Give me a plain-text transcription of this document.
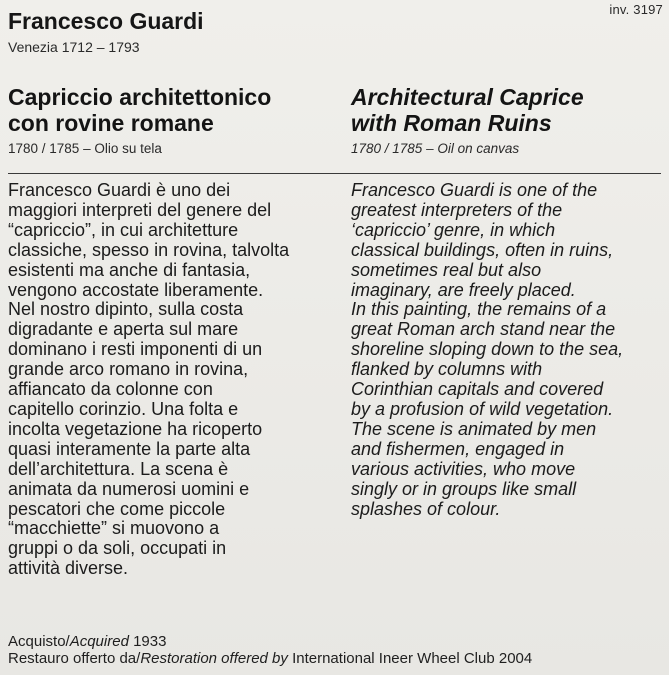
inv. 3197
Francesco Guardi
Venezia 1712 – 1793
Capriccio architettonico
con rovine romane
Architectural Caprice
with Roman Ruins
1780 / 1785 – Olio su tela	1780 / 1785 – Oil on canvas
Francesco Guardi è uno dei
maggiori interpreti del genere del
“capriccio”, in cui architetture
classiche, spesso in rovina, talvolta
esistenti ma anche di fantasia,
vengono accostate liberamente.
Nel nostro dipinto, sulla costa
digradante e aperta sul mare
dominano i resti imponenti di un
grande arco romano in rovina,
affiancato da colonne con
capitello corinzio. Una folta e
incolta vegetazione ha ricoperto
quasi interamente la parte alta
dell’architettura. La scena è
animata da numerosi uomini e
pescatori che come piccole
“macchiette” si muovono a
gruppi o da soli, occupati in
attività diverse.
Francesco Guardi is one of the
greatest interpreters of the
‘capriccio’ genre, in which
classical buildings, often in ruins,
sometimes real but also
imaginary, are freely placed.
In this painting, the remains of a
great Roman arch stand near the
shoreline sloping down to the sea,
flanked by columns with
Corinthian capitals and covered
by a profusion of wild vegetation.
The scene is animated by men
and fishermen, engaged in
various activities, who move
singly or in groups like small
splashes of colour.
Acquisto/Acquired 1933
Restauro offerto da/Restoration offered by International Ineer Wheel Club 2004
